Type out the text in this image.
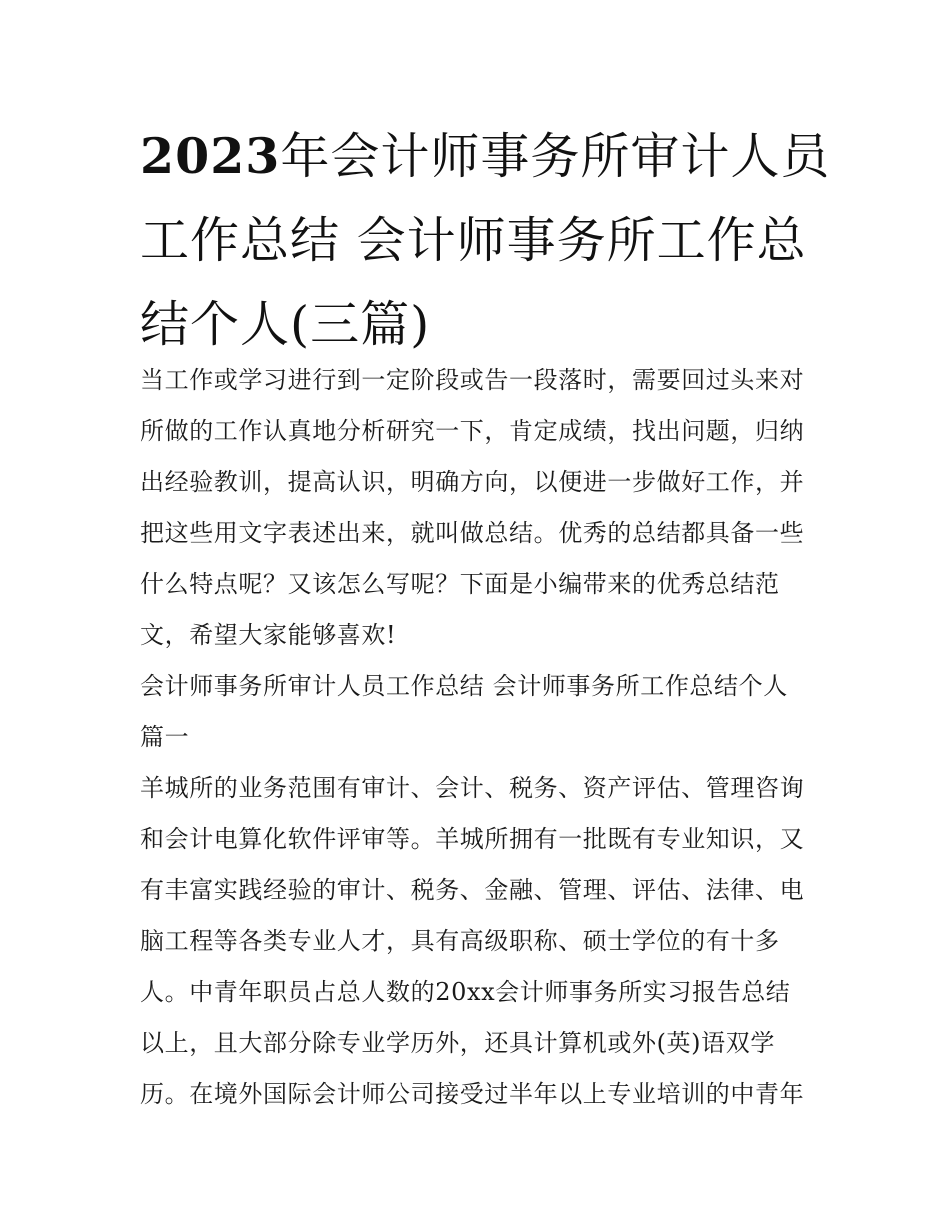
2023年会计师事务所审计人员
工作总结 会计师事务所工作总
结个人(三篇)

当工作或学习进行到一定阶段或告一段落时，需要回过头来对
所做的工作认真地分析研究一下，肯定成绩，找出问题，归纳
出经验教训，提高认识，明确方向，以便进一步做好工作，并
把这些用文字表述出来，就叫做总结。优秀的总结都具备一些
什么特点呢？又该怎么写呢？下面是小编带来的优秀总结范
文，希望大家能够喜欢!

会计师事务所审计人员工作总结 会计师事务所工作总结个人
篇一

羊城所的业务范围有审计、会计、税务、资产评估、管理咨询
和会计电算化软件评审等。羊城所拥有一批既有专业知识，又
有丰富实践经验的审计、税务、金融、管理、评估、法律、电
脑工程等各类专业人才，具有高级职称、硕士学位的有十多
人。中青年职员占总人数的20xx会计师事务所实习报告总结
以上，且大部分除专业学历外，还具计算机或外(英)语双学
历。在境外国际会计师公司接受过半年以上专业培训的中青年
